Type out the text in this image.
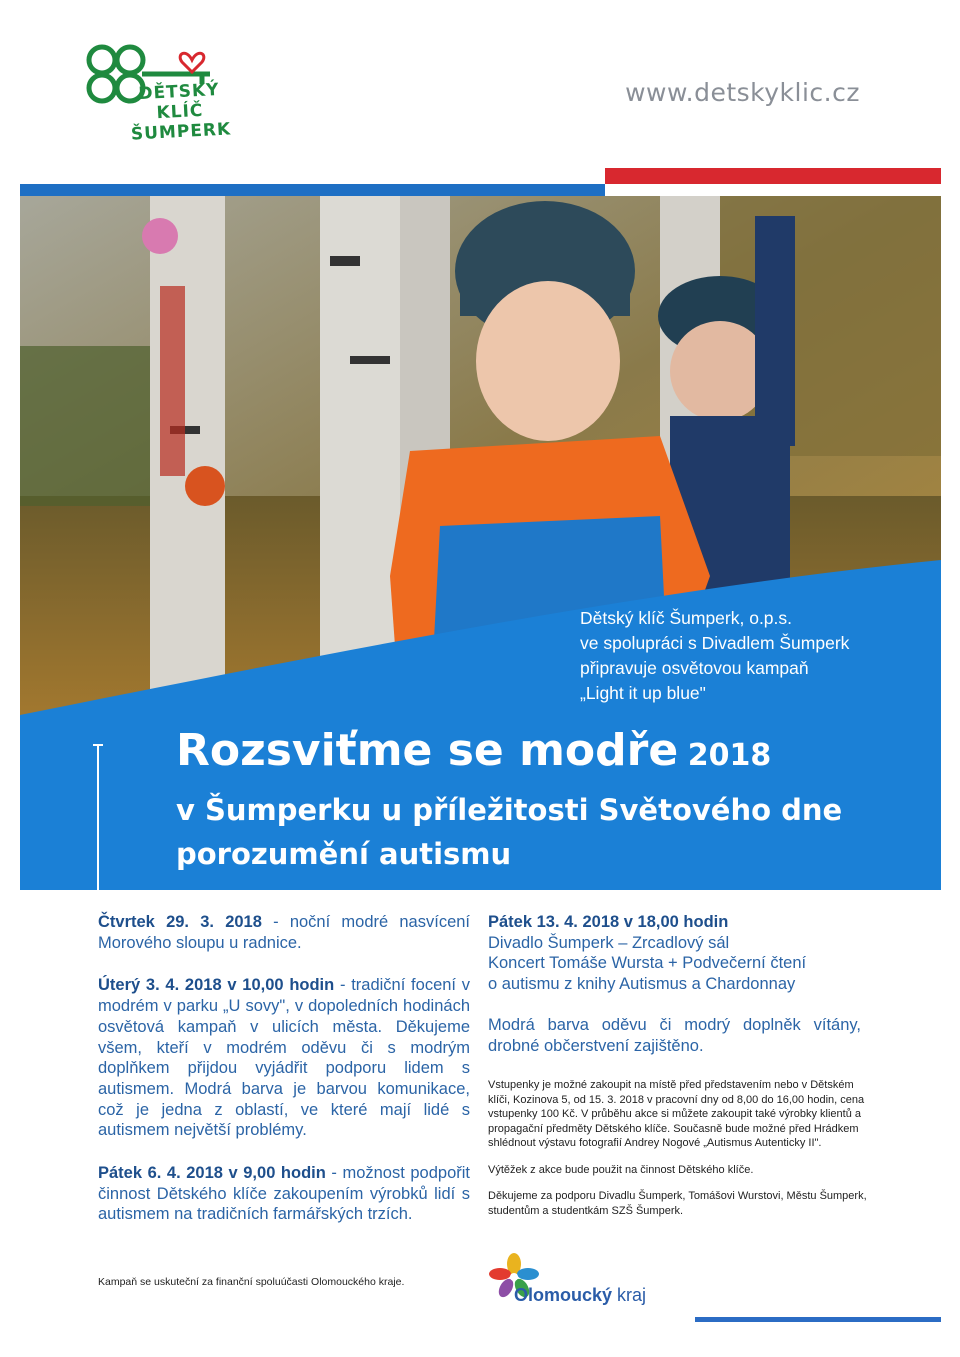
DĚTSKÝ
KLÍČ
ŠUMPERK
www.detskyklic.cz
Dětský klíč Šumperk, o.p.s.
ve spolupráci s Divadlem Šumperk
připravuje osvětovou kampaň
„Light it up blue"
Rozsviťme se modře 2018
v Šumperku u příležitosti Světového dne
porozumění autismu

Čtvrtek 29. 3. 2018 - noční modré nasvícení Morového sloupu u radnice.

Úterý 3. 4. 2018 v 10,00 hodin - tradiční focení v modrém v parku „U sovy", v dopoledních hodinách osvětová kampaň v ulicích města. Děkujeme všem, kteří v modrém oděvu či s modrým doplňkem přijdou vyjádřit podporu lidem s autismem. Modrá barva je barvou komunikace, což je jedna z oblastí, ve které mají lidé s autismem největší problémy.

Pátek 6. 4. 2018 v 9,00 hodin - možnost podpořit činnost Dětského klíče zakoupením výrobků lidí s autismem na tradičních farmářských trzích.

Pátek 13. 4. 2018 v 18,00 hodin
Divadlo Šumperk – Zrcadlový sál
Koncert Tomáše Wursta + Podvečerní čtení
o autismu z knihy Autismus a Chardonnay

Modrá barva oděvu či modrý doplněk vítány, drobné občerstvení zajištěno.

Vstupenky je možné zakoupit na místě před představením nebo v Dětském klíči, Kozinova 5, od 15. 3. 2018 v pracovní dny od 8,00 do 16,00 hodin, cena vstupenky 100 Kč. V průběhu akce si můžete zakoupit také výrobky klientů a propagační předměty Dětského klíče. Současně bude možné před Hrádkem shlédnout výstavu fotografií Andrey Nogové „Autismus Autenticky II".

Výtěžek z akce bude použit na činnost Dětského klíče.

Děkujeme za podporu Divadlu Šumperk, Tomášovi Wurstovi, Městu Šumperk, studentům a studentkám SZŠ Šumperk.

Kampaň se uskuteční za finanční spoluúčasti Olomouckého kraje.
Olomoucký kraj
